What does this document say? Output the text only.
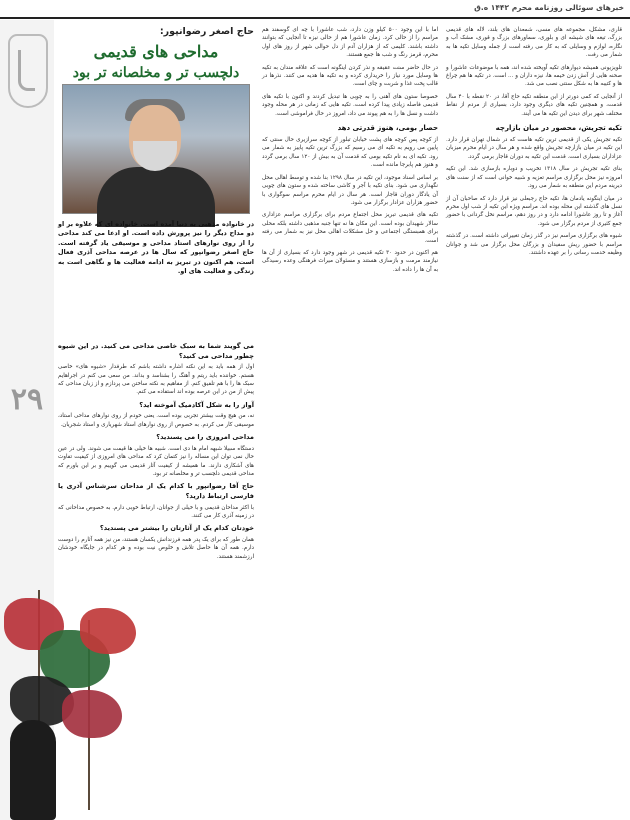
خبرهای سوئالی روزنامه محرم ۱۴۴۲ ه.ق
۲۹
حاج اصغر رضوانپور:
مداحی های قدیمی
دلچسب تر و مخلصانه تر بود
در خانواده مذهبی به دنیا آمده است. خانواده ای که علاوه بر او دو مداح دیگر را نیز پرورش داده است. او ادعا می کند مداحی را از روی نوارهای استاد مداحی و موسیقی یاد گرفته است. حاج اصغر رضوانپور که سال ها در عرصه مداحی آذری فعال است، هم اکنون در تبریز به ادامه فعالیت ها و نگاهی است به زندگی و فعالیت های او.
می گویند شما به سبک خاصی مداحی می کنید. در این شیوه چطور مداحی می کنید؟
اول از همه باید به این نکته اشاره داشته باشم که طرفدار «شیوه های» خاصی هستم. خواننده باید ریتم و آهنگ را بشناسد و بداند. من سعی می کنم در اجراهایم سبک ها را با هم تلفیق کنم. از مفاهیم به نکته ساختن می پردازم و از زبان مداحی که پیش از من در این عرصه بوده اند استفاده می کنم.
آواز را به شکل آکادمیک آموخته اید؟
نه، من هیچ وقت بیشتر تجربی بوده است. یعنی خودم از روی نوارهای مداحی استاد، موسیقی کار می کردم. به خصوص از روی نوارهای استاد شهریاری و استاد شجریان.
مداحی امروزی را می پسندید؟
دستگاه سبیلا شبهه امام ها دی است. شبیه ها خیلی ها قیمت می شوند. ولی در عین حال نمی توان این مساله را نیز کتمان کرد که مداحی های امروزی از کیفیت تفاوت های آشکاری دارند. ما همیشه از کیفیت آثار قدیمی می گوییم و بر این باورم که مداحی قدیمی دلچسب تر و مخلصانه تر بود.
حاج آقا رضوانپور با کدام یک از مداحان سرشناس آذری یا فارسی ارتباط دارید؟
با اکثر مداحان قدیمی و با خیلی از جوانان، ارتباط خوبی دارم. به خصوص مداحانی که در زمینه آذری کار می کنند.
خودتان کدام یک از آثارتان را بیشتر می پسندید؟
همان طور که برای یک پدر همه فرزندانش یکسان هستند، من نیز همه آثارم را دوست دارم. همه آن ها حاصل تلاش و خلوص نیت بوده و هر کدام در جایگاه خودشان ارزشمند هستند.
اما با این وجود ۵۰۰ کیلو وزن دارد، شب عاشورا با چه ای گوسفند هم مراسم را از حالی کرد. زمان عاشورا هم از حالی نیزه تا آنجایی که بتوانند داشته باشند. کلیمی که از هزاران آدم از دل حوالی شهر از روز های اول محرم، قرمز رنگ و شب ها جمع هستند.
در حال حاضر سنت عقیقه و نذر کردن اینگونه است که علاقه مندان به تکیه ها وسایل مورد نیاز را خریداری کرده و به تکیه ها هدیه می کنند. نذرها در قالب پخت غذا و شربت و چای است.
خصوصا ستون های آهنی را به چوبی ها تبدیل کردند و اکنون با تکیه های قدیمی فاصله زیادی پیدا کرده است. تکیه هایی که زمانی در هر محله وجود داشت و نسل ها را به هم پیوند می داد، امروز در حال فراموشی است.
حصار بومی، هنوز قدرتی دهد
از کوچه پس کوچه های پشت خیابان تبلور از کوچه سرازیری حال سنتی که پایین می رویم به تکیه ای می رسیم که بزرگ ترین تکیه پاییز به شمار می رود. تکیه ای به نام تکیه بومی که قدمت آن به بیش از ۱۲۰ سال برمی گردد و هنوز هم پابرجا مانده است.
بر اساس اسناد موجود، این تکیه در سال ۱۲۹۸ بنا شده و توسط اهالی محل نگهداری می شود. بنای تکیه با آجر و کاشی ساخته شده و ستون های چوبی آن یادگار دوران قاجار است. هر سال در ایام محرم مراسم سوگواری با حضور هزاران عزادار برگزار می شود.
تکیه های قدیمی تبریز محل اجتماع مردم برای برگزاری مراسم عزاداری سالار شهیدان بوده است. این مکان ها نه تنها جنبه مذهبی داشته بلکه محلی برای همبستگی اجتماعی و حل مشکلات اهالی محل نیز به شمار می رفته است.
هم اکنون در حدود ۳۰ تکیه قدیمی در شهر وجود دارد که بسیاری از آن ها نیازمند مرمت و بازسازی هستند و مسئولان میراث فرهنگی وعده رسیدگی به آن ها را داده اند.
قاری، مشکل، مجموعه های مسی، شمعدان های بلند، لاله های قدیمی بزرگ، تیغه های شیشه ای و بلوری، سماورهای بزرگ و قوری، مشک آب و نگاره، لوازم و وسایلی که به کار می رفته است از جمله وسایل تکیه ها به شمار می رفت.
تلویزیونی همیشه دیوارهای تکیه آویخته شده اند، همه با موضوعات عاشورا و صحنه هایی از آنش زدن خیمه ها، نیزه داران و ... است. در تکیه ها هم چراغ ها و کتیبه ها به شکل سنتی نصب می شد.
از آنجایی که کمی دورتر از این منطقه تکیه حاج آقا، در ۲۰ نقطه با ۴۰ سال قدمت، و همچنین تکیه های دیگری وجود دارد، بسیاری از مردم از نقاط مختلف شهر برای دیدن این تکیه ها می آیند.
تکیه تجریش، محصور در میان بازارچه
تکیه تجریش یکی از قدیمی ترین تکیه هاست که در شمال تهران قرار دارد. این تکیه در میان بازارچه تجریش واقع شده و هر سال در ایام محرم میزبان عزاداران بسیاری است. قدمت این تکیه به دوران قاجار برمی گردد.
بنای تکیه تجریش در سال ۱۳۱۸ تخریب و دوباره بازسازی شد. این تکیه امروزه نیز محل برگزاری مراسم تعزیه و شبیه خوانی است که از سنت های دیرینه مردم این منطقه به شمار می رود.
در میان اینگونه یادمان ها، تکیه حاج رجبعلی نیز قرار دارد که صاحبان آن از نسل های گذشته این محله بوده اند. مراسم ویژه این تکیه از شب اول محرم آغاز و تا روز عاشورا ادامه دارد و در روز دهم، مراسم نخل گردانی با حضور جمع کثیری از مردم برگزار می شود.
شیوه های برگزاری مراسم نیز در گذر زمان تغییراتی داشته است. در گذشته مراسم با حضور ریش سفیدان و بزرگان محل برگزار می شد و جوانان وظیفه خدمت رسانی را بر عهده داشتند.
